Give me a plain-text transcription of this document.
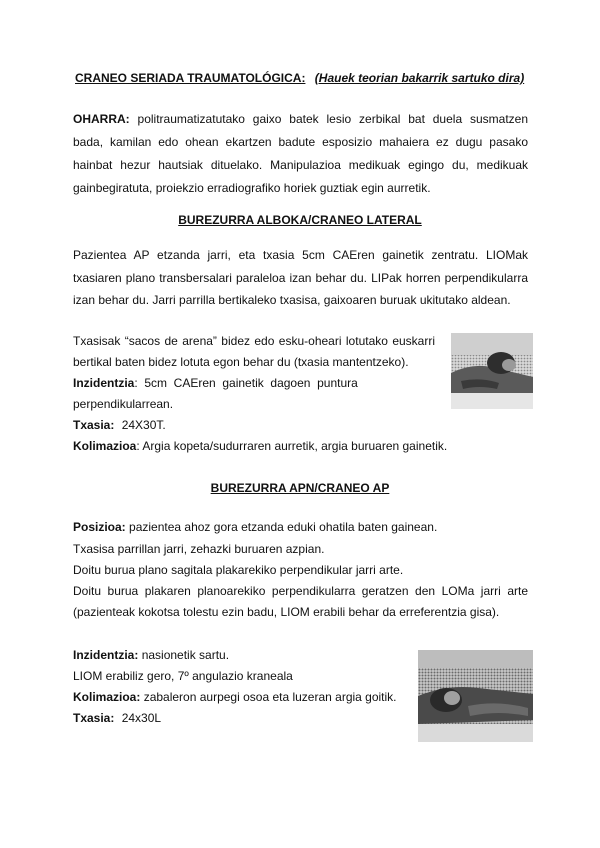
CRANEO SERIADA TRAUMATOLÓGICA: (Hauek teorian bakarrik sartuko dira)
OHARRA: politraumatizatutako gaixo batek lesio zerbikal bat duela susmatzen
bada, kamilan edo ohean ekartzen badute esposizio mahaiera ez dugu pasako
hainbat hezur hautsiak dituelako. Manipulazioa medikuak egingo du, medikuak
gainbegiratuta, proiekzio erradiografiko horiek guztiak egin aurretik.
BUREZURRA ALBOKA/CRANEO LATERAL
Pazientea AP etzanda jarri, eta txasia 5cm CAEren gainetik zentratu. LIOMak
txasiaren plano transbersalari paraleloa izan behar du. LIPak horren perpendikularra
izan behar du. Jarri parrilla bertikaleko txasisa, gaixoaren buruak ukitutako aldean.
Txasisak “sacos de arena” bidez edo esku-oheari lotutako euskarri
bertikal baten bidez lotuta egon behar du (txasia mantentzeko).
Inzidentzia:  5cm  CAEren  gainetik  dagoen  puntura
perpendikularrean.
Txasia: 24X30T.
Kolimazioa: Argia kopeta/sudurraren aurretik, argia buruaren gainetik.
BUREZURRA APN/CRANEO AP
Posizioa: pazientea ahoz gora etzanda eduki ohatila baten gainean.
Txasisa parrillan jarri, zehazki buruaren azpian.
Doitu burua plano sagitala plakarekiko perpendikular jarri arte.
Doitu burua plakaren planoarekiko perpendikularra geratzen den LOMa jarri arte
(pazienteak kokotsa tolestu ezin badu, LIOM erabili behar da erreferentzia gisa).
Inzidentzia: nasionetik sartu.
LIOM erabiliz gero, 7º angulazio kraneala
Kolimazioa: zabaleron aurpegi osoa eta luzeran argia goitik.
Txasia: 24x30L
